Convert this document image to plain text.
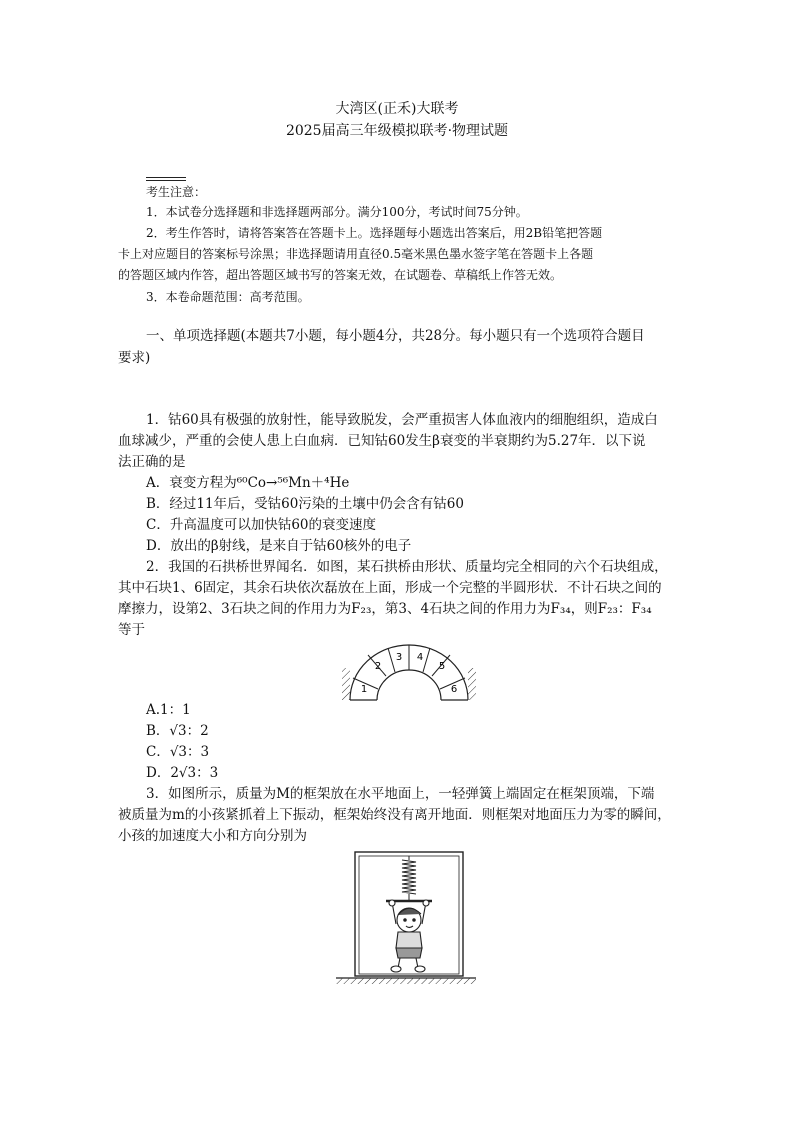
大湾区(正禾)大联考
2025届高三年级模拟联考·物理试题
考生注意：
1．本试卷分选择题和非选择题两部分。满分100分，考试时间75分钟。
2．考生作答时，请将答案答在答题卡上。选择题每小题选出答案后，用2B铅笔把答题
卡上对应题目的答案标号涂黑；非选择题请用直径0.5毫米黑色墨水签字笔在答题卡上各题
的答题区域内作答，超出答题区域书写的答案无效，在试题卷、草稿纸上作答无效。
3．本卷命题范围：高考范围。
一、单项选择题(本题共7小题，每小题4分，共28分。每小题只有一个选项符合题目
要求)
1．钴60具有极强的放射性，能导致脱发，会严重损害人体血液内的细胞组织，造成白
血球减少，严重的会使人患上白血病．已知钴60发生β衰变的半衰期约为5.27年．以下说
法正确的是
A．衰变方程为⁶⁰Co→⁵⁶Mn＋⁴He
B．经过11年后，受钴60污染的土壤中仍会含有钴60
C．升高温度可以加快钴60的衰变速度
D．放出的β射线，是来自于钴60核外的电子
2．我国的石拱桥世界闻名．如图，某石拱桥由形状、质量均完全相同的六个石块组成，
其中石块1、6固定，其余石块依次磊放在上面，形成一个完整的半圆形状．不计石块之间的
摩擦力，设第2、3石块之间的作用力为F₂₃，第3、4石块之间的作用力为F₃₄，则F₂₃：F₃₄
等于
1
2
3 4
5
6
A.1：1
B．√3：2
C．√3：3
D．2√3：3
3．如图所示，质量为M的框架放在水平地面上，一轻弹簧上端固定在框架顶端，下端
被质量为m的小孩紧抓着上下振动，框架始终没有离开地面．则框架对地面压力为零的瞬间，
小孩的加速度大小和方向分别为
